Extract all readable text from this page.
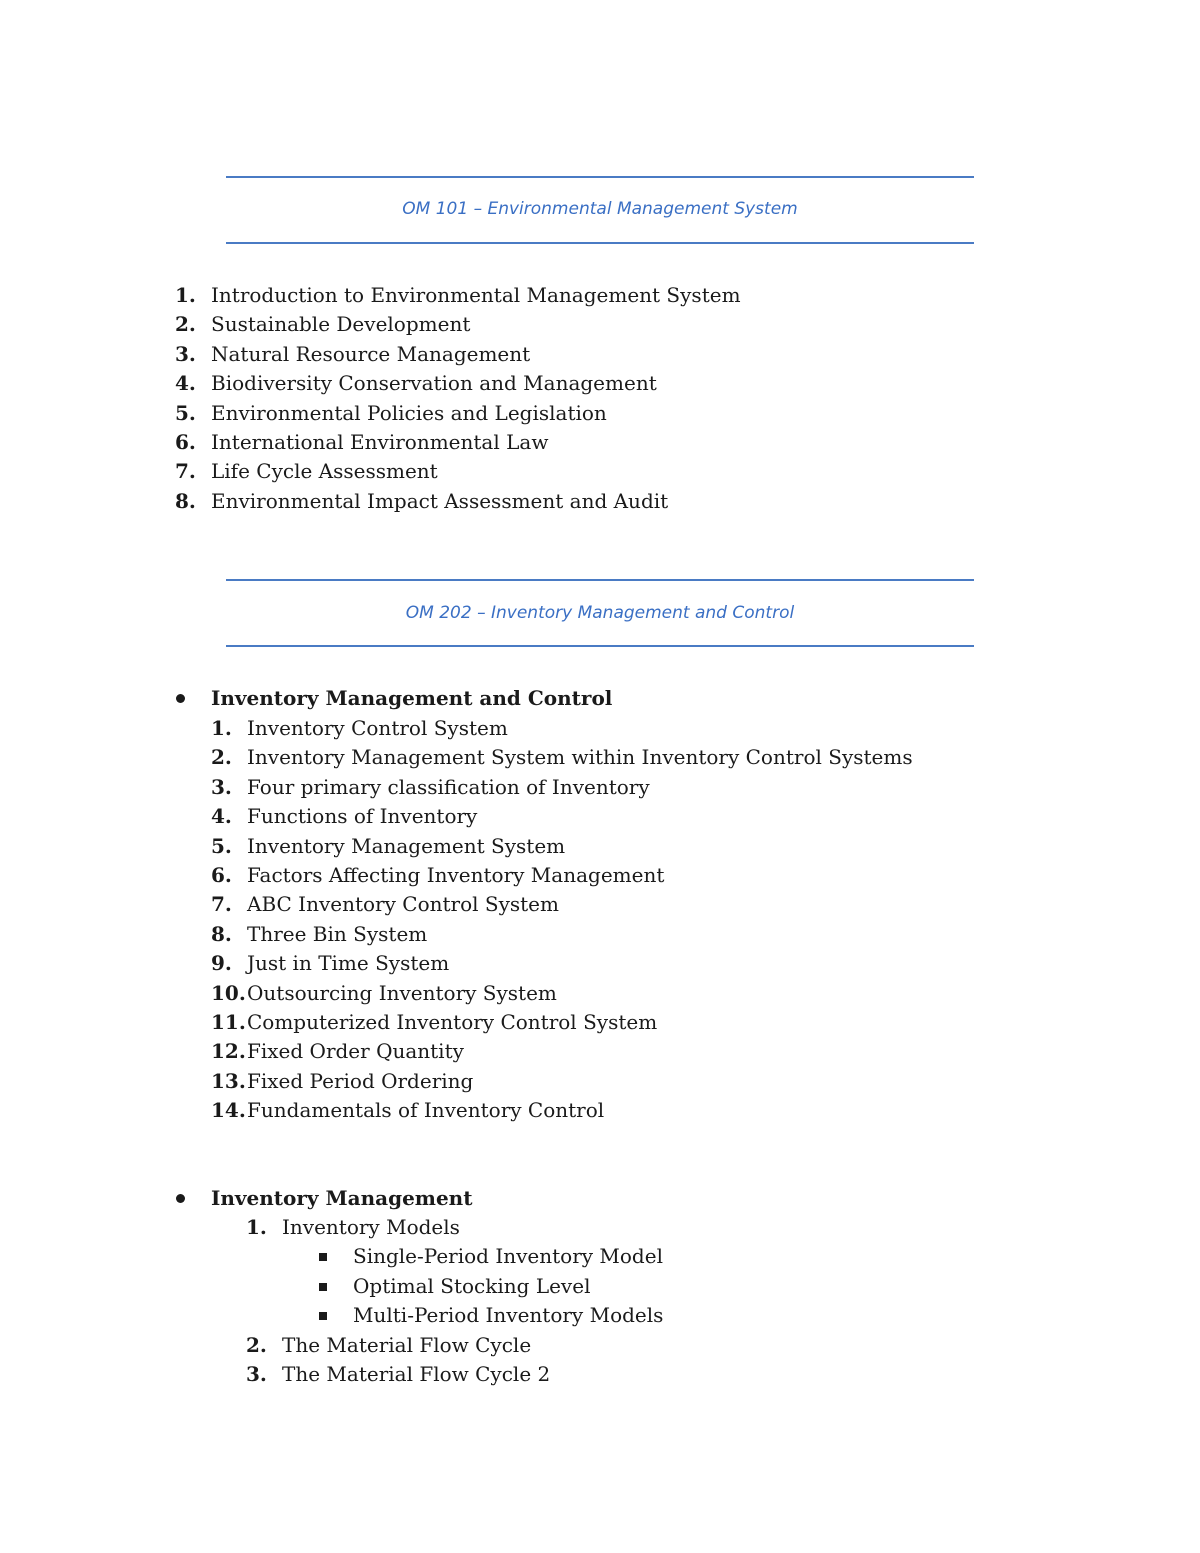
OM 101 – Environmental Management System
1. Introduction to Environmental Management System
2. Sustainable Development
3. Natural Resource Management
4. Biodiversity Conservation and Management
5. Environmental Policies and Legislation
6. International Environmental Law
7. Life Cycle Assessment
8. Environmental Impact Assessment and Audit
OM 202 – Inventory Management and Control
Inventory Management and Control
1. Inventory Control System
2. Inventory Management System within Inventory Control Systems
3. Four primary classification of Inventory
4. Functions of Inventory
5. Inventory Management System
6. Factors Affecting Inventory Management
7. ABC Inventory Control System
8. Three Bin System
9. Just in Time System
10. Outsourcing Inventory System
11. Computerized Inventory Control System
12. Fixed Order Quantity
13. Fixed Period Ordering
14. Fundamentals of Inventory Control
Inventory Management
1. Inventory Models
Single-Period Inventory Model
Optimal Stocking Level
Multi-Period Inventory Models
2. The Material Flow Cycle
3. The Material Flow Cycle 2
